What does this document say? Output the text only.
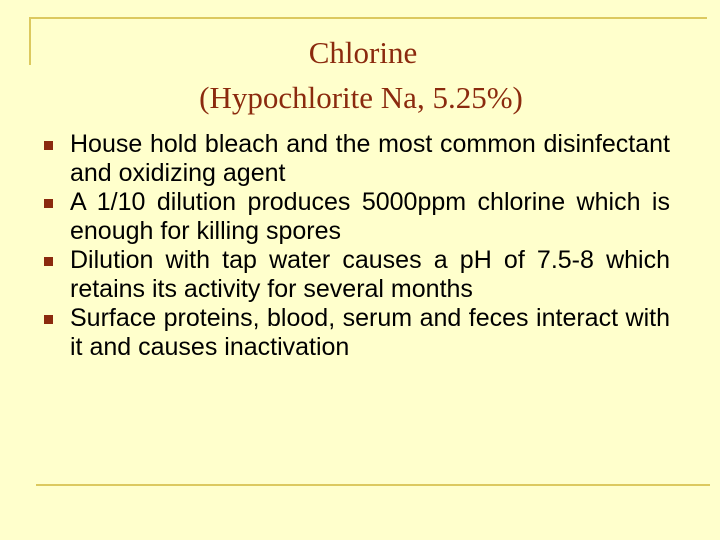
Chlorine
(Hypochlorite Na, 5.25%)
House hold bleach and the most common disinfectant and oxidizing agent
A 1/10 dilution produces 5000ppm chlorine which is enough for killing spores
Dilution with tap water causes a pH of 7.5-8 which retains its activity for several months
Surface proteins, blood, serum and feces interact with it and causes inactivation
